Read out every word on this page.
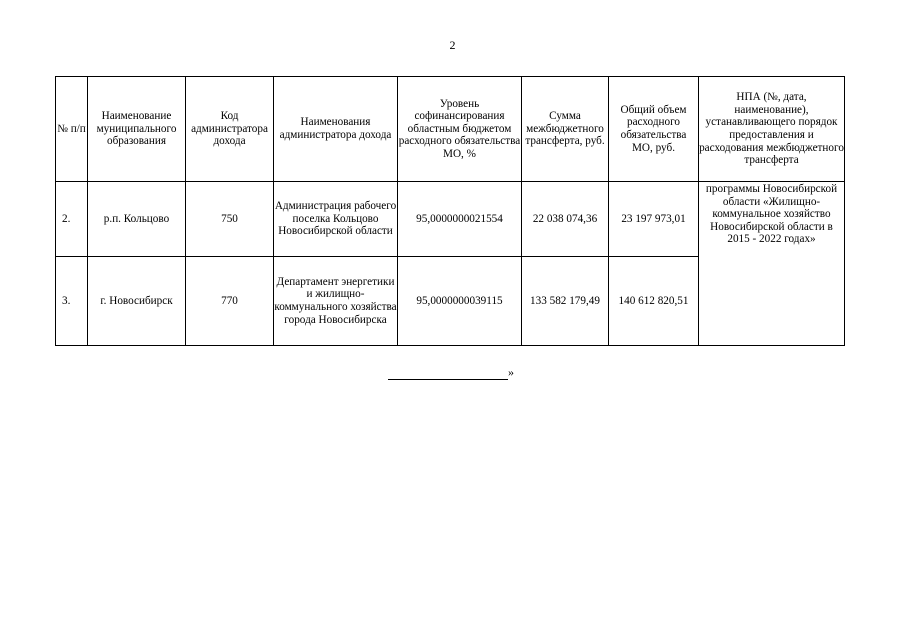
2
№ п/п	Наименование муниципального образования	Код администратора дохода	Наименования администратора дохода	Уровень софинансирования областным бюджетом расходного обязательства МО, %	Сумма межбюджетного трансферта, руб.	Общий объем расходного обязательства МО, руб.	НПА (№, дата, наименование), устанавливающего порядок предоставления и расходования межбюджетного трансферта
2.	р.п. Кольцово	750	Администрация рабочего поселка Кольцово Новосибирской области	95,0000000021554	22 038 074,36	23 197 973,01	программы Новосибирской области «Жилищно-коммунальное хозяйство Новосибирской области в 2015 - 2022 годах»
3.	г. Новосибирск	770	Департамент энергетики и жилищно-коммунального хозяйства города Новосибирска	95,0000000039115	133 582 179,49	140 612 820,51	
»
